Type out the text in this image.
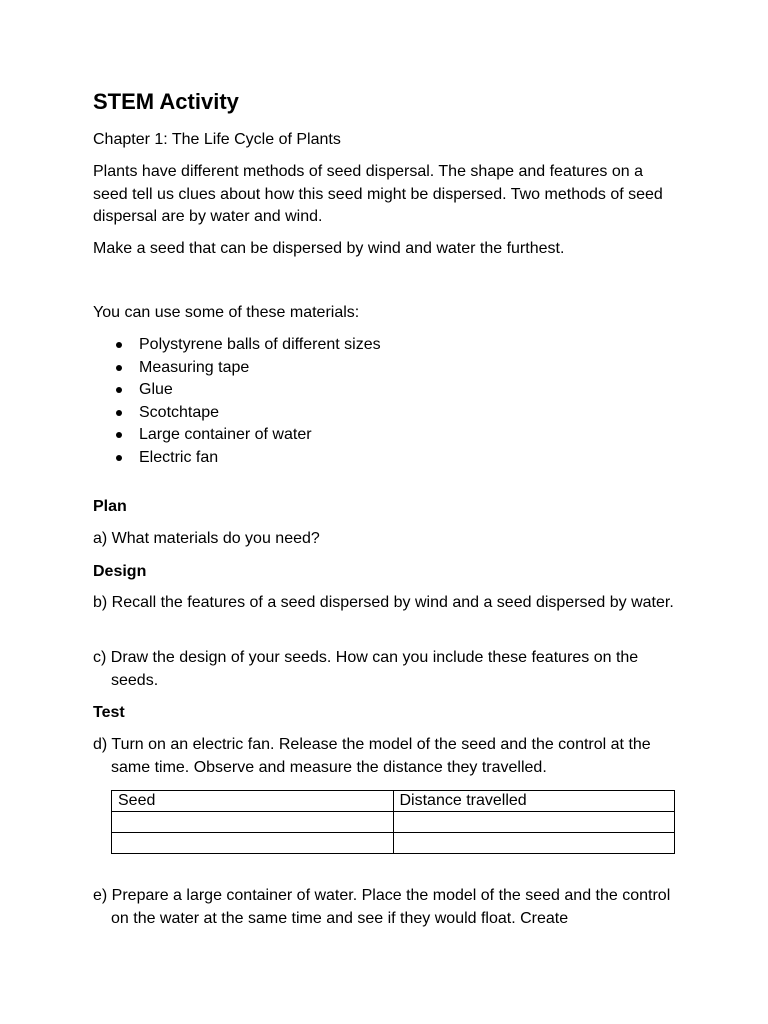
STEM Activity

Chapter 1: The Life Cycle of Plants

Plants have different methods of seed dispersal. The shape and features on a seed tell us clues about how this seed might be dispersed. Two methods of seed dispersal are by water and wind.

Make a seed that can be dispersed by wind and water the furthest.

You can use some of these materials:

Polystyrene balls of different sizes
Measuring tape
Glue
Scotchtape
Large container of water
Electric fan

Plan

a) What materials do you need?

Design

b) Recall the features of a seed dispersed by wind and a seed dispersed by water.

c) Draw the design of your seeds. How can you include these features on the seeds.

Test

d) Turn on an electric fan. Release the model of the seed and the control at the same time. Observe and measure the distance they travelled.

Seed	Distance travelled

e) Prepare a large container of water. Place the model of the seed and the control on the water at the same time and see if they would float. Create
